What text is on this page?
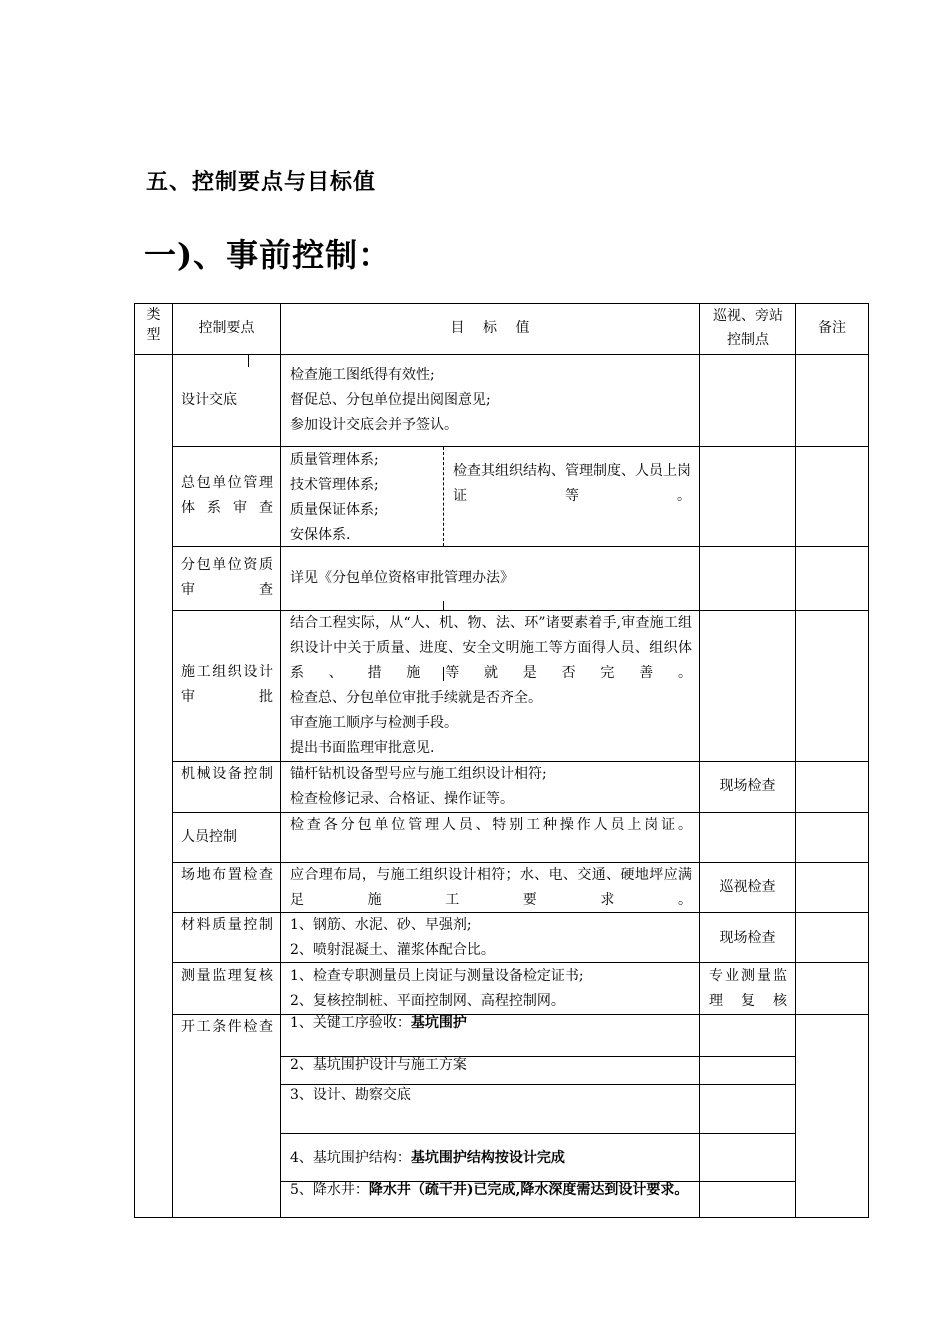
五、控制要点与目标值
一)、事前控制：
类型	控制要点	目 标 值
巡视、旁站控制点
备注
设计交底
检查施工图纸得有效性;
督促总、分包单位提出阅图意见;
参加设计交底会并予签认。
总包单位管理体系审查
质量管理体系;
技术管理体系;
质量保证体系;
安保体系.
检查其组织结构、管理制度、人员上岗证等。
分包单位资质审查
详见《分包单位资格审批管理办法》
施工组织设计审批
结合工程实际，从“人、机、物、法、环”诸要素着手,审查施工组织设计中关于质量、进度、安全文明施工等方面得人员、组织体系、措施等就是否完善。
检查总、分包单位审批手续就是否齐全。
审查施工顺序与检测手段。
提出书面监理审批意见.
机械设备控制 锚杆钻机设备型号应与施工组织设计相符;
检查检修记录、合格证、操作证等。
现场检查
人员控制
检查各分包单位管理人员、特别工种操作人员上岗证。
场地布置检查 应合理布局，与施工组织设计相符；水、电、交通、硬地坪应满足施工要求。
巡视检查
材料质量控制 1、钢筋、水泥、砂、早强剂;
2、喷射混凝土、灌浆体配合比。
现场检查
测量监理复核 1、检查专职测量员上岗证与测量设备检定证书;
2、复核控制桩、平面控制网、高程控制网。
专业测量监理复核
开工条件检查 1、关键工序验收：基坑围护
2、基坑围护设计与施工方案
3、设计、勘察交底
4、基坑围护结构：基坑围护结构按设计完成
5、降水井：降水井（疏干井)已完成,降水深度需达到设计要求。
